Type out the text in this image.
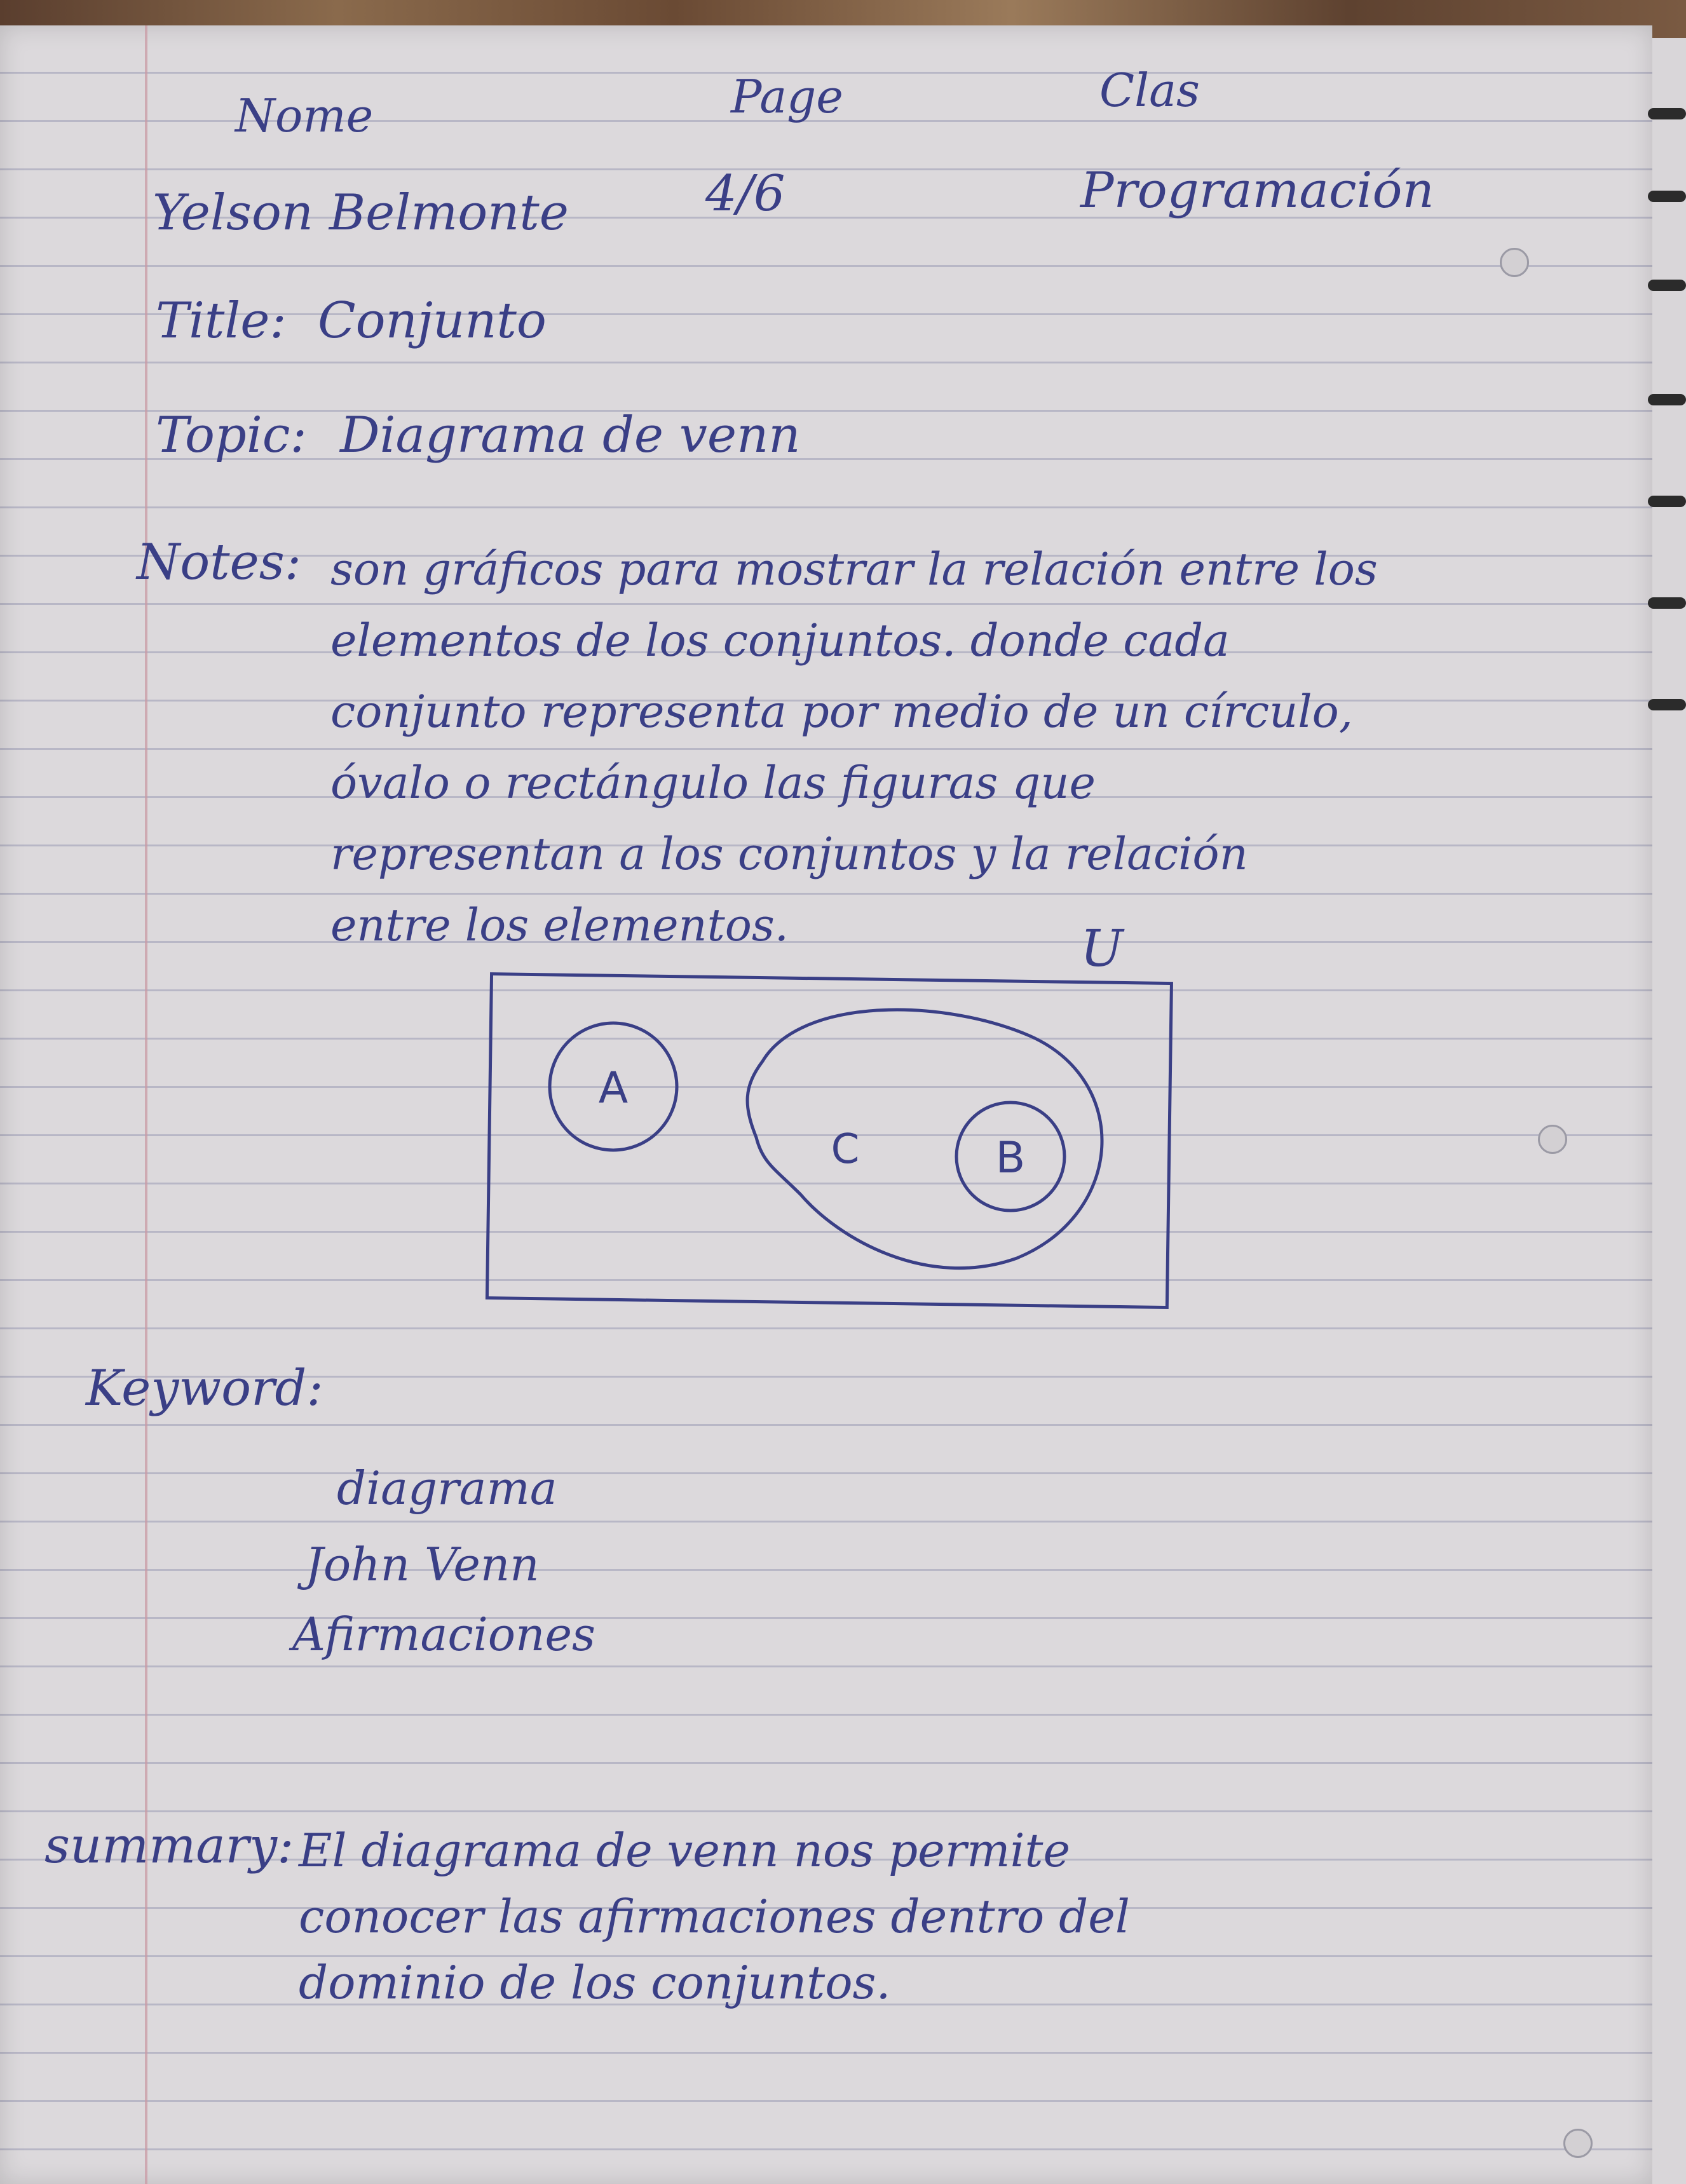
Nome	Page	Clas
Yelson Belmonte	4/6	Programación
Title: Conjunto
Topic: Diagrama de venn
Notes: son gráficos para mostrar la relación entre los elementos de los conjuntos. donde cada conjunto representa por medio de un círculo, óvalo o rectángulo las figuras que representan a los conjuntos y la relación entre los elementos.	U
A
C	B
Keyword:
diagrama
John Venn
Afirmaciones
summary: El diagrama de venn nos permite conocer las afirmaciones dentro del dominio de los conjuntos.
